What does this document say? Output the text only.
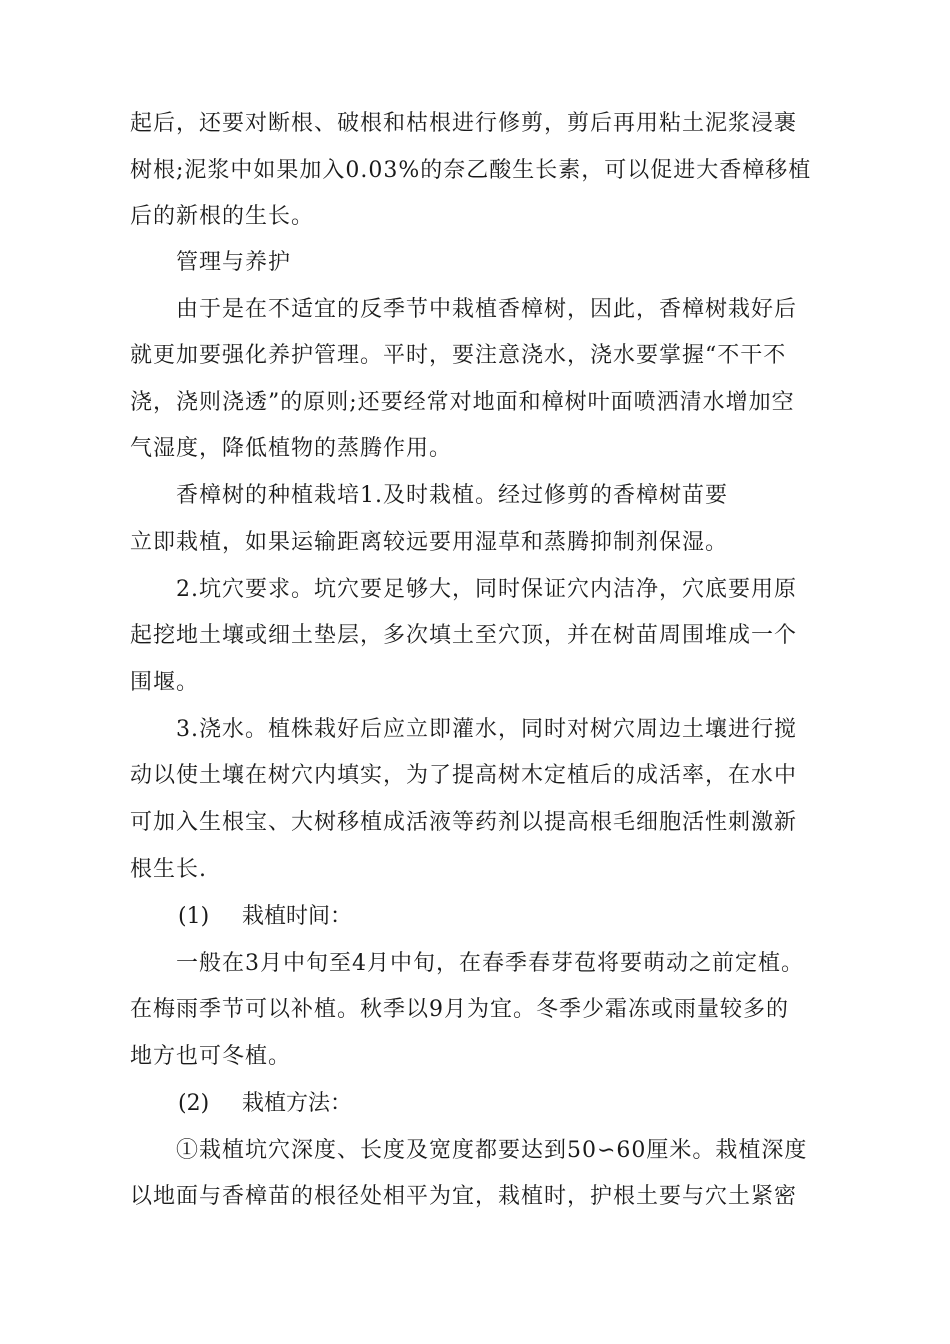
起后，还要对断根、破根和枯根进行修剪，剪后再用粘土泥浆浸裹
树根;泥浆中如果加入0.03%的奈乙酸生长素，可以促进大香樟移植
后的新根的生长。
管理与养护
由于是在不适宜的反季节中栽植香樟树，因此，香樟树栽好后
就更加要强化养护管理。平时，要注意浇水，浇水要掌握“不干不
浇，浇则浇透”的原则;还要经常对地面和樟树叶面喷洒清水增加空
气湿度，降低植物的蒸腾作用。
香樟树的种植栽培1.及时栽植。经过修剪的香樟树苗要
立即栽植，如果运输距离较远要用湿草和蒸腾抑制剂保湿。
2.坑穴要求。坑穴要足够大，同时保证穴内洁净，穴底要用原
起挖地土壤或细土垫层，多次填土至穴顶，并在树苗周围堆成一个
围堰。
3.浇水。植株栽好后应立即灌水，同时对树穴周边土壤进行搅
动以使土壤在树穴内填实，为了提高树木定植后的成活率，在水中
可加入生根宝、大树移植成活液等药剂以提高根毛细胞活性刺激新
根生长.
(1) 栽植时间：
一般在3月中旬至4月中旬，在春季春芽苞将要萌动之前定植。
在梅雨季节可以补植。秋季以9月为宜。冬季少霜冻或雨量较多的
地方也可冬植。
(2) 栽植方法：
①栽植坑穴深度、长度及宽度都要达到50∽60厘米。栽植深度
以地面与香樟苗的根径处相平为宜，栽植时，护根土要与穴土紧密
